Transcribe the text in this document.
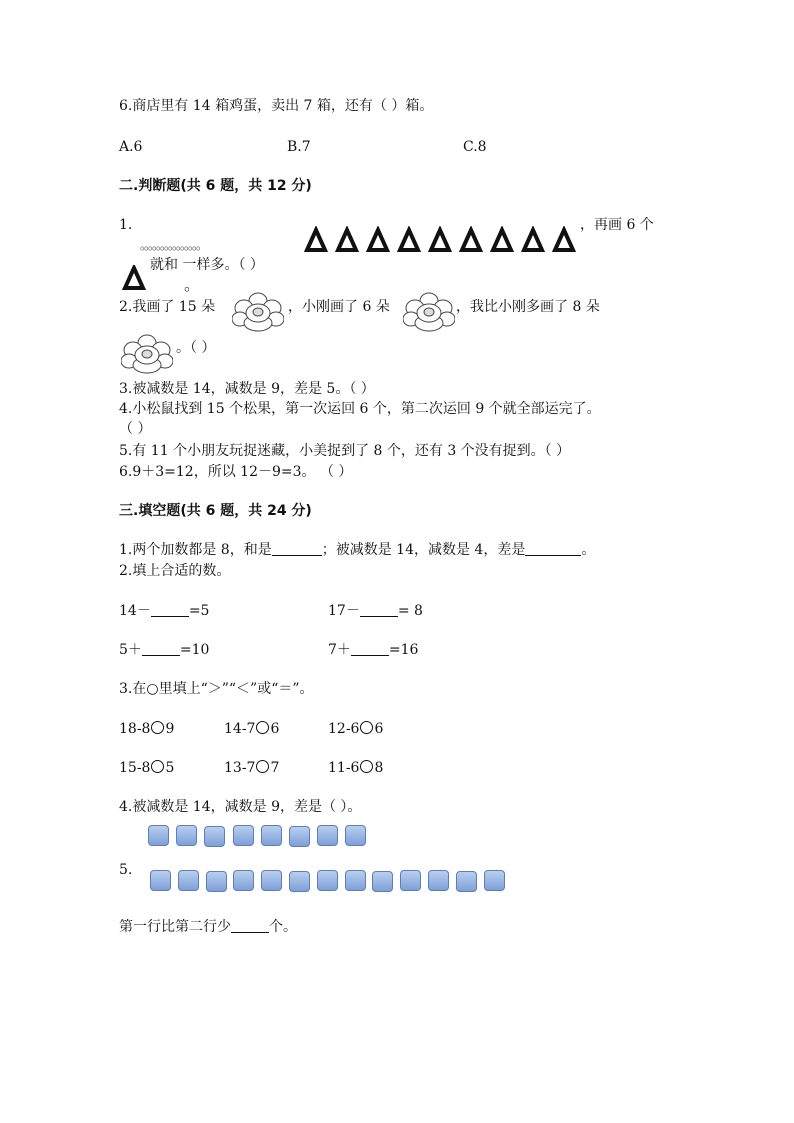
6.商店里有 14 箱鸡蛋，卖出 7 箱，还有（ ）箱。
A.6	B.7	C.8
二.判断题(共 6 题，共 12 分)
1.
。。。。。。。。。。。。。。。
，再画 6 个
就和 一样多。（ ）
。
2.我画了 15 朵	，小刚画了 6 朵	，我比小刚多画了 8 朵
。（ ）
3.被减数是 14，减数是 9，差是 5。（ ）
4.小松鼠找到 15 个松果，第一次运回 6 个，第二次运回 9 个就全部运完了。
（ ）
5.有 11 个小朋友玩捉迷藏，小美捉到了 8 个，还有 3 个没有捉到。（ ）
6.9＋3=12，所以 12－9=3。 （ ）
三.填空题(共 6 题，共 24 分)
1.两个加数都是 8，和是	；被减数是 14，减数是 4，差是	。
2.填上合适的数。
14－	=5	17－	= 8
5＋	=10	7＋	=16
3.在○里填上“＞”“＜”或“＝”。
18-8 9	14-7 6	12-6 6
15-8 5	13-7 7	11-6 8
4.被减数是 14，减数是 9，差是（ ）。
5.
第一行比第二行少	个。
